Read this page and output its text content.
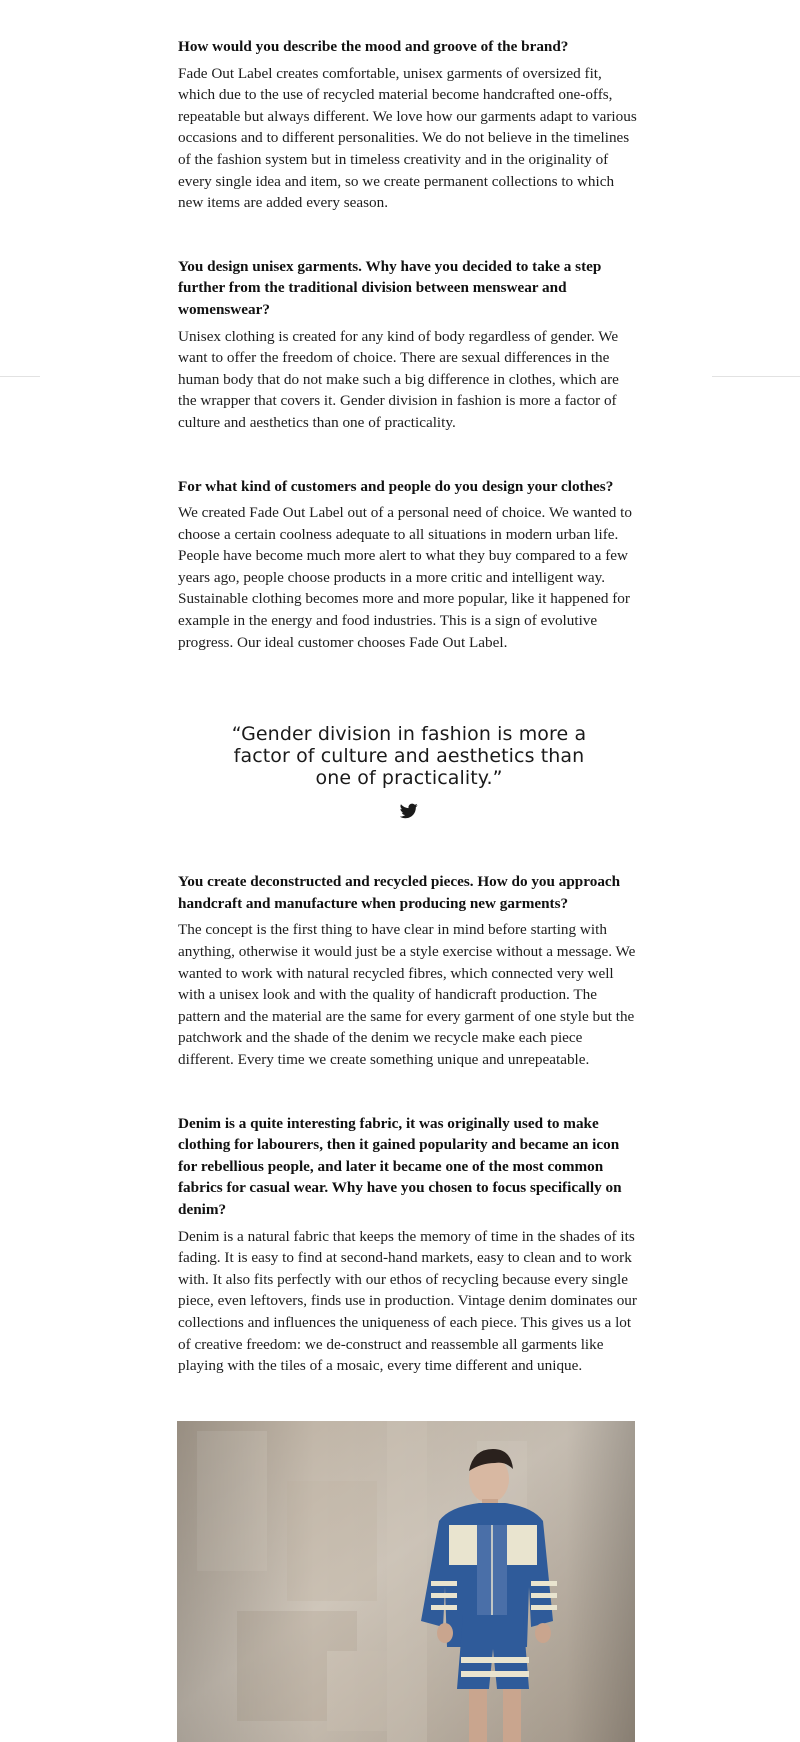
How would you describe the mood and groove of the brand?

Fade Out Label creates comfortable, unisex garments of oversized fit, which due to the use of recycled material become handcrafted one-offs, repeatable but always different. We love how our garments adapt to various occasions and to different personalities. We do not believe in the timelines of the fashion system but in timeless creativity and in the originality of every single idea and item, so we create permanent collections to which new items are added every season.

You design unisex garments. Why have you decided to take a step further from the traditional division between menswear and womenswear?

Unisex clothing is created for any kind of body regardless of gender. We want to offer the freedom of choice. There are sexual differences in the human body that do not make such a big difference in clothes, which are the wrapper that covers it. Gender division in fashion is more a factor of culture and aesthetics than one of practicality.

For what kind of customers and people do you design your clothes?

We created Fade Out Label out of a personal need of choice. We wanted to choose a certain coolness adequate to all situations in modern urban life. People have become much more alert to what they buy compared to a few years ago, people choose products in a more critic and intelligent way. Sustainable clothing becomes more and more popular, like it happened for example in the energy and food industries. This is a sign of evolutive progress. Our ideal customer chooses Fade Out Label.

“Gender division in fashion is more a factor of culture and aesthetics than one of practicality.”

You create deconstructed and recycled pieces. How do you approach handcraft and manufacture when producing new garments?

The concept is the first thing to have clear in mind before starting with anything, otherwise it would just be a style exercise without a message. We wanted to work with natural recycled fibres, which connected very well with a unisex look and with the quality of handicraft production. The pattern and the material are the same for every garment of one style but the patchwork and the shade of the denim we recycle make each piece different. Every time we create something unique and unrepeatable.

Denim is a quite interesting fabric, it was originally used to make clothing for labourers, then it gained popularity and became an icon for rebellious people, and later it became one of the most common fabrics for casual wear. Why have you chosen to focus specifically on denim?

Denim is a natural fabric that keeps the memory of time in the shades of its fading. It is easy to find at second-hand markets, easy to clean and to work with. It also fits perfectly with our ethos of recycling because every single piece, even leftovers, finds use in production. Vintage denim dominates our collections and influences the uniqueness of each piece. This gives us a lot of creative freedom: we de-construct and reassemble all garments like playing with the tiles of a mosaic, every time different and unique.
